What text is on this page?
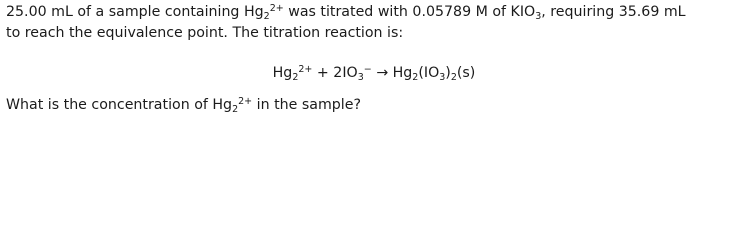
25.00 mL of a sample containing $Hg_2^{2+}$ was titrated with 0.05789 M of $KIO_3$, requiring 35.69 mL
to reach the equivalence point. The titration reaction is:
$Hg_2^{2+} + 2IO_3^- \to Hg_2(IO_3)_2(s)$
What is the concentration of $Hg_2^{2+}$ in the sample?
